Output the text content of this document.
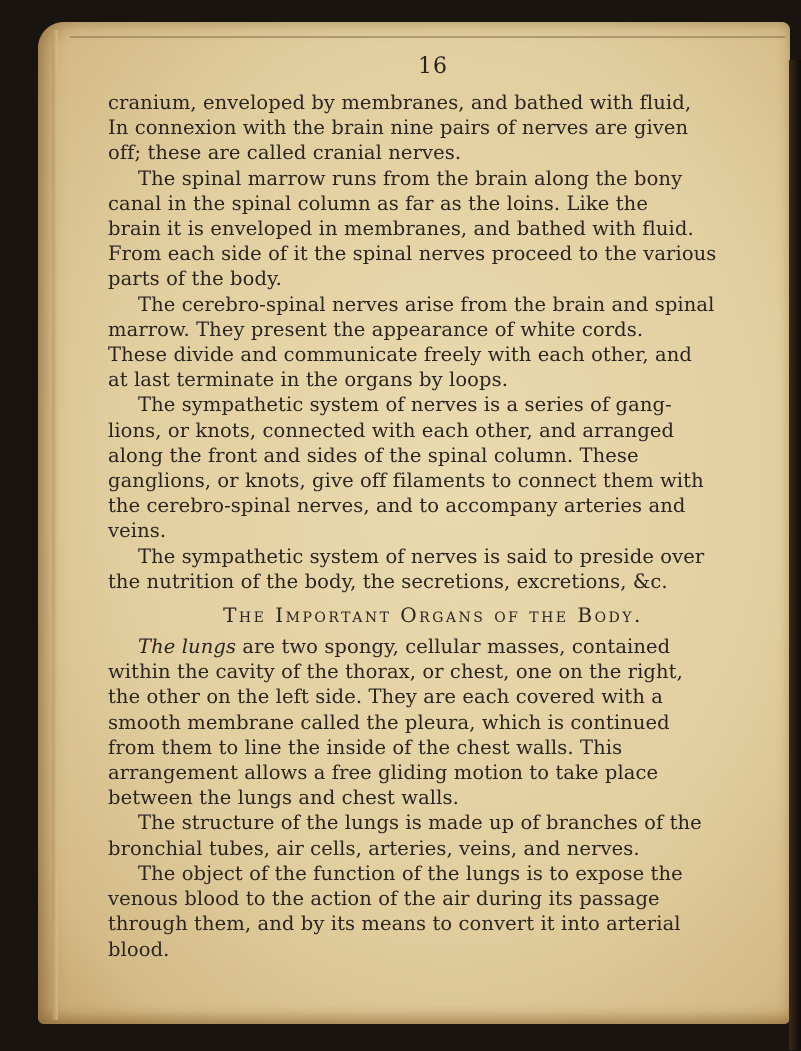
16
cranium, enveloped by membranes, and bathed with fluid,
In connexion with the brain nine pairs of nerves are given
off; these are called cranial nerves.
The spinal marrow runs from the brain along the bony
canal in the spinal column as far as the loins. Like the
brain it is enveloped in membranes, and bathed with fluid.
From each side of it the spinal nerves proceed to the various
parts of the body.
The cerebro-spinal nerves arise from the brain and spinal
marrow. They present the appearance of white cords.
These divide and communicate freely with each other, and
at last terminate in the organs by loops.
The sympathetic system of nerves is a series of gang-
lions, or knots, connected with each other, and arranged
along the front and sides of the spinal column. These
ganglions, or knots, give off filaments to connect them with
the cerebro-spinal nerves, and to accompany arteries and
veins.
The sympathetic system of nerves is said to preside over
the nutrition of the body, the secretions, excretions, &c.
The Important Organs of the Body.
The lungs are two spongy, cellular masses, contained
within the cavity of the thorax, or chest, one on the right,
the other on the left side. They are each covered with a
smooth membrane called the pleura, which is continued
from them to line the inside of the chest walls. This
arrangement allows a free gliding motion to take place
between the lungs and chest walls.
The structure of the lungs is made up of branches of the
bronchial tubes, air cells, arteries, veins, and nerves.
The object of the function of the lungs is to expose the
venous blood to the action of the air during its passage
through them, and by its means to convert it into arterial
blood.
